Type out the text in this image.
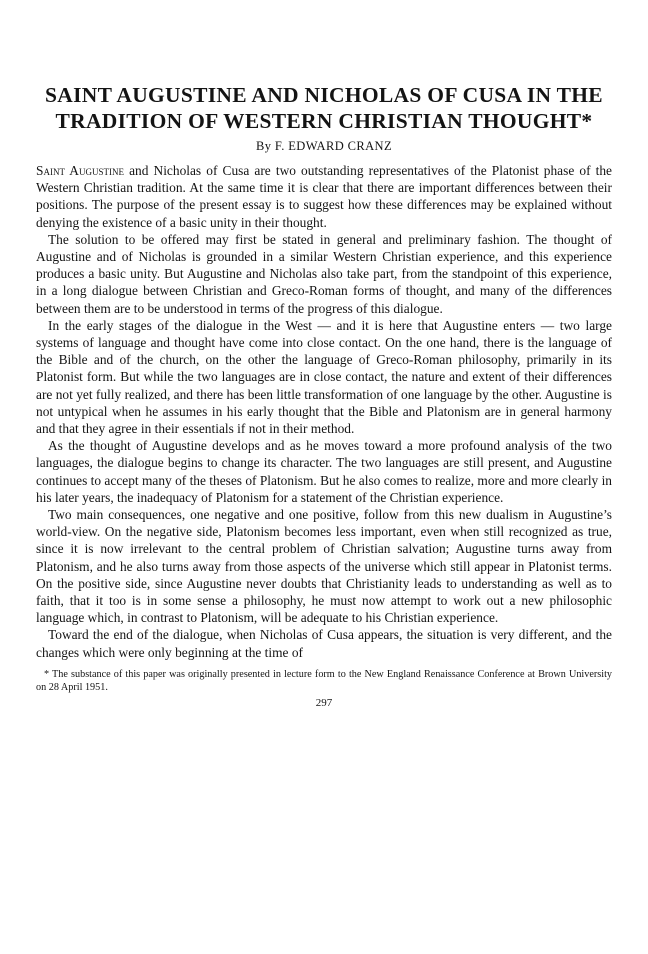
SAINT AUGUSTINE AND NICHOLAS OF CUSA IN THE
TRADITION OF WESTERN CHRISTIAN THOUGHT*
By F. EDWARD CRANZ

Saint Augustine and Nicholas of Cusa are two outstanding representatives of the Platonist phase of the Western Christian tradition. At the same time it is clear that there are important differences between their positions. The purpose of the present essay is to suggest how these differences may be explained without denying the existence of a basic unity in their thought.

The solution to be offered may first be stated in general and preliminary fashion. The thought of Augustine and of Nicholas is grounded in a similar Western Christian experience, and this experience produces a basic unity. But Augustine and Nicholas also take part, from the standpoint of this experience, in a long dialogue between Christian and Greco-Roman forms of thought, and many of the differences between them are to be understood in terms of the progress of this dialogue.

In the early stages of the dialogue in the West — and it is here that Augustine enters — two large systems of language and thought have come into close contact. On the one hand, there is the language of the Bible and of the church, on the other the language of Greco-Roman philosophy, primarily in its Platonist form. But while the two languages are in close contact, the nature and extent of their differences are not yet fully realized, and there has been little transformation of one language by the other. Augustine is not untypical when he assumes in his early thought that the Bible and Platonism are in general harmony and that they agree in their essentials if not in their method.

As the thought of Augustine develops and as he moves toward a more profound analysis of the two languages, the dialogue begins to change its character. The two languages are still present, and Augustine continues to accept many of the theses of Platonism. But he also comes to realize, more and more clearly in his later years, the inadequacy of Platonism for a statement of the Christian experience.

Two main consequences, one negative and one positive, follow from this new dualism in Augustine’s world-view. On the negative side, Platonism becomes less important, even when still recognized as true, since it is now irrelevant to the central problem of Christian salvation; Augustine turns away from Platonism, and he also turns away from those aspects of the universe which still appear in Platonist terms. On the positive side, since Augustine never doubts that Christianity leads to understanding as well as to faith, that it too is in some sense a philosophy, he must now attempt to work out a new philosophic language which, in contrast to Platonism, will be adequate to his Christian experience.

Toward the end of the dialogue, when Nicholas of Cusa appears, the situation is very different, and the changes which were only beginning at the time of

* The substance of this paper was originally presented in lecture form to the New England Renaissance Conference at Brown University on 28 April 1951.
297
